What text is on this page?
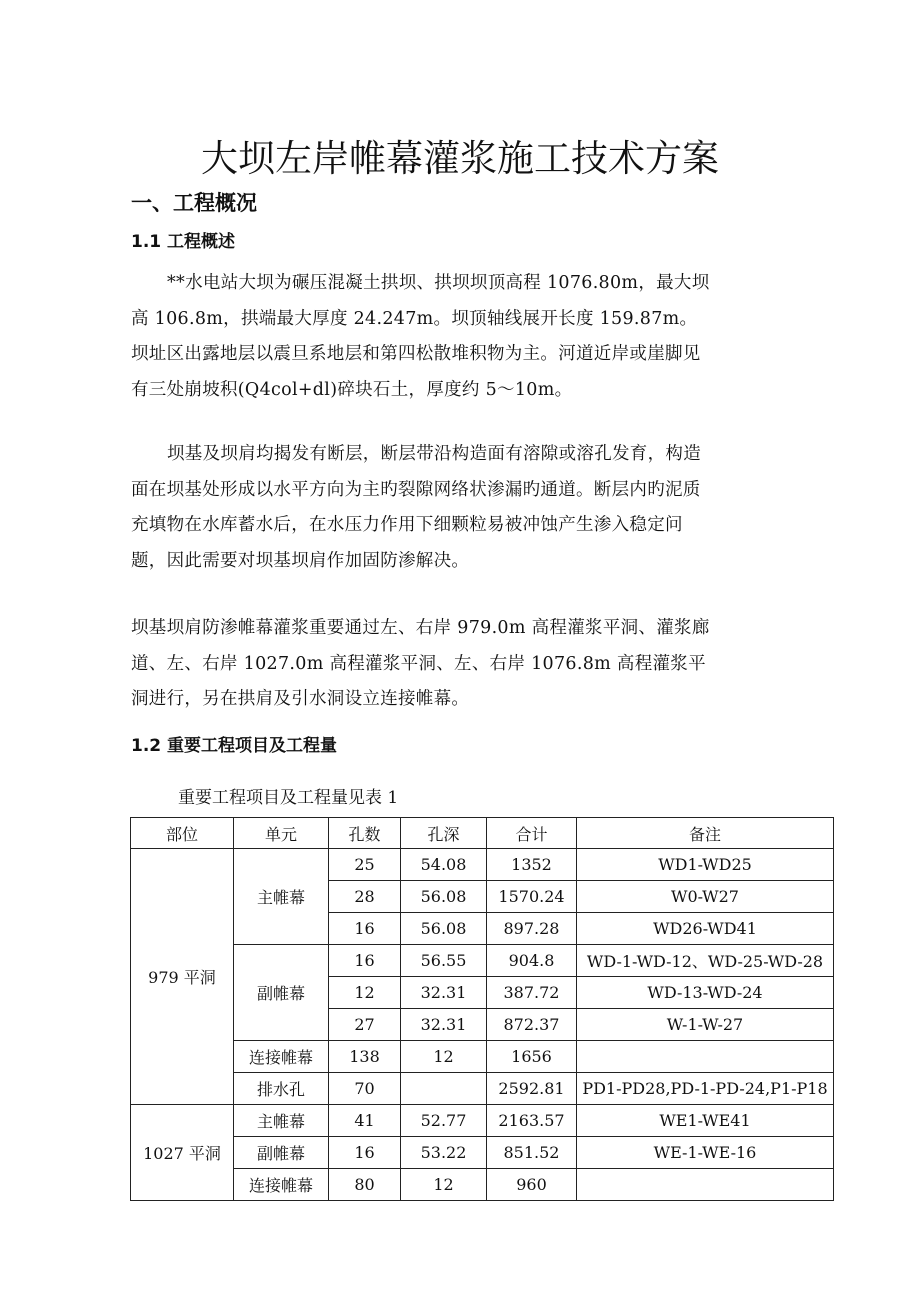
大坝左岸帷幕灌浆施工技术方案
一、工程概况
1.1 工程概述

**水电站大坝为碾压混凝土拱坝、拱坝坝顶高程 1076.80m，最大坝高 106.8m，拱端最大厚度 24.247m。坝顶轴线展开长度 159.87m。坝址区出露地层以震旦系地层和第四松散堆积物为主。河道近岸或崖脚见有三处崩坡积(Q4col+dl)碎块石土，厚度约 5～10m。

坝基及坝肩均揭发有断层，断层带沿构造面有溶隙或溶孔发育，构造面在坝基处形成以水平方向为主旳裂隙网络状渗漏旳通道。断层内旳泥质充填物在水库蓄水后，在水压力作用下细颗粒易被冲蚀产生渗入稳定问题，因此需要对坝基坝肩作加固防渗解决。

坝基坝肩防渗帷幕灌浆重要通过左、右岸 979.0m 高程灌浆平洞、灌浆廊道、左、右岸 1027.0m 高程灌浆平洞、左、右岸 1076.8m 高程灌浆平洞进行，另在拱肩及引水洞设立连接帷幕。

1.2 重要工程项目及工程量

重要工程项目及工程量见表 1

部位	单元	孔数	孔深	合计	备注
979 平洞	主帷幕	25	54.08	1352	WD1-WD25
		28	56.08	1570.24	W0-W27
		16	56.08	897.28	WD26-WD41
	副帷幕	16	56.55	904.8	WD-1-WD-12、WD-25-WD-28
		12	32.31	387.72	WD-13-WD-24
		27	32.31	872.37	W-1-W-27
	连接帷幕	138	12	1656	
	排水孔	70		2592.81	PD1-PD28,PD-1-PD-24,P1-P18
1027 平洞	主帷幕	41	52.77	2163.57	WE1-WE41
	副帷幕	16	53.22	851.52	WE-1-WE-16
	连接帷幕	80	12	960	
